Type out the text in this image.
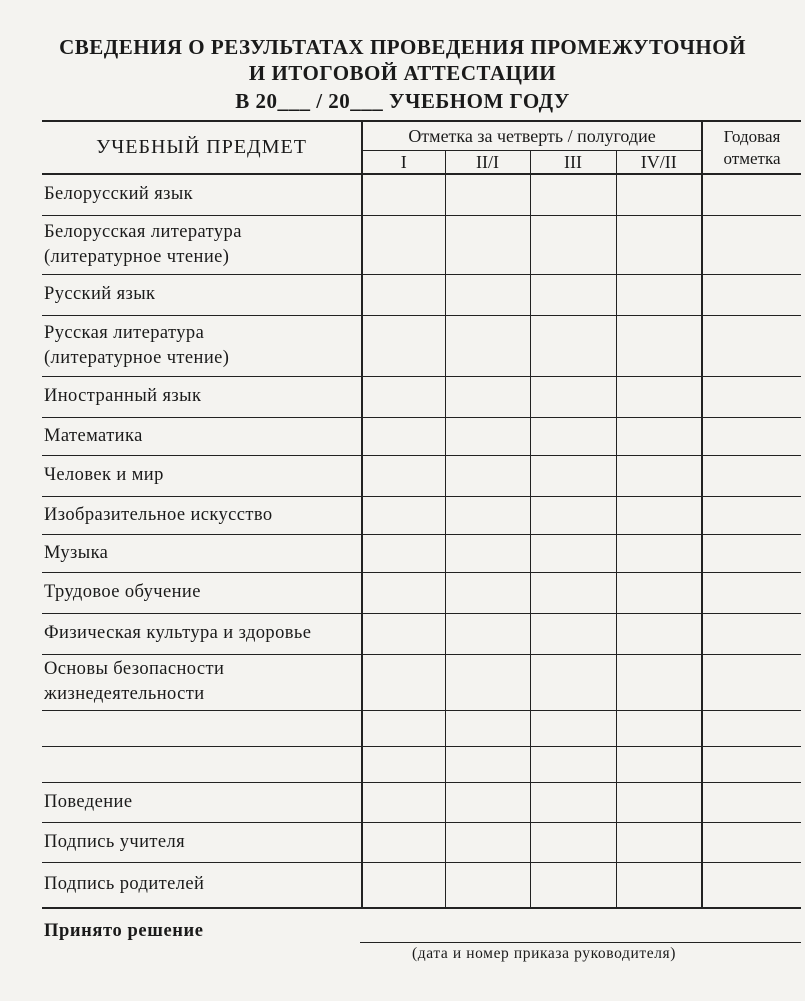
СВЕДЕНИЯ О РЕЗУЛЬТАТАХ ПРОВЕДЕНИЯ ПРОМЕЖУТОЧНОЙ
И ИТОГОВОЙ АТТЕСТАЦИИ
В 20___ / 20___ УЧЕБНОМ ГОДУ
УЧЕБНЫЙ ПРЕДМЕТ	Отметка за четверть / полугодие				Годовая отметка
	I	II/I	III	IV/II	

Белорусский язык					

Белорусская литература
(литературное чтение)					

Русский язык					

Русская литература
(литературное чтение)					

Иностранный язык					

Математика					

Человек и мир					

Изобразительное искусство					

Музыка					

Трудовое обучение					

Физическая культура и здоровье					

Основы безопасности
жизнедеятельности					

Поведение					

Подпись учителя					

Подпись родителей					

Принято решение
(дата и номер приказа руководителя)
